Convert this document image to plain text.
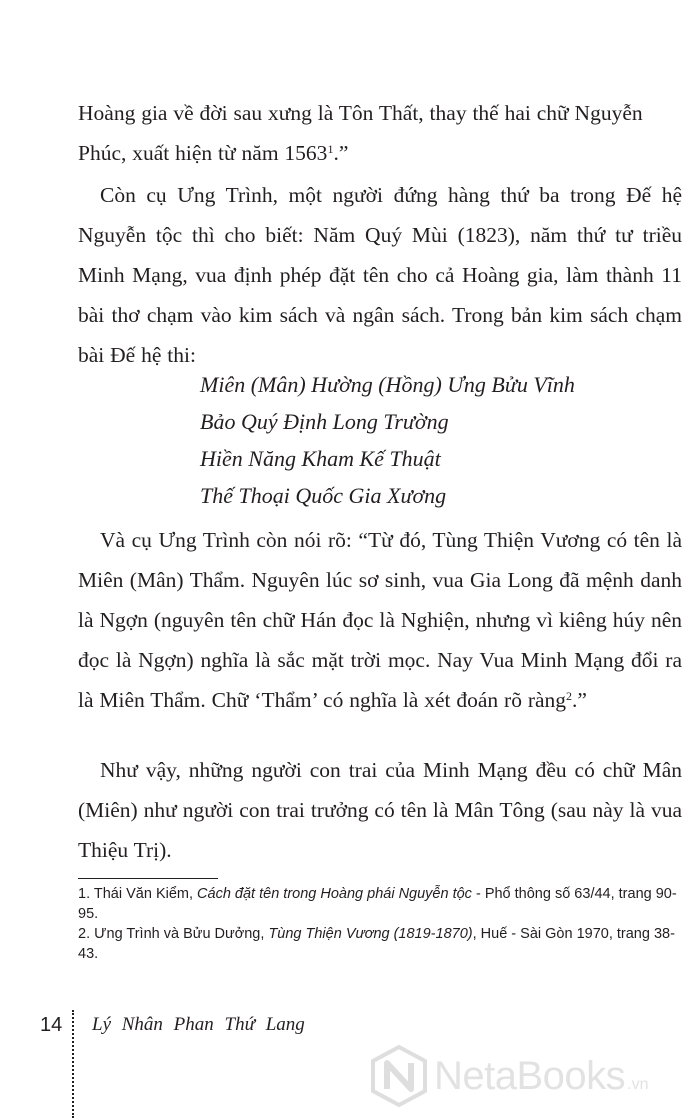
Hoàng gia về đời sau xưng là Tôn Thất, thay thế hai chữ Nguyễn Phúc, xuất hiện từ năm 1563$^1$.”

Còn cụ Ưng Trình, một người đứng hàng thứ ba trong Đế hệ Nguyễn tộc thì cho biết: Năm Quý Mùi (1823), năm thứ tư triều Minh Mạng, vua định phép đặt tên cho cả Hoàng gia, làm thành 11 bài thơ chạm vào kim sách và ngân sách. Trong bản kim sách chạm bài Đế hệ thi:

Miên (Mân) Hường (Hồng) Ưng Bửu Vĩnh
Bảo Quý Định Long Trường
Hiền Năng Kham Kế Thuật
Thế Thoại Quốc Gia Xương

Và cụ Ưng Trình còn nói rõ: “Từ đó, Tùng Thiện Vương có tên là Miên (Mân) Thẩm. Nguyên lúc sơ sinh, vua Gia Long đã mệnh danh là Ngợn (nguyên tên chữ Hán đọc là Nghiện, nhưng vì kiêng húy nên đọc là Ngợn) nghĩa là sắc mặt trời mọc. Nay Vua Minh Mạng đổi ra là Miên Thẩm. Chữ ‘Thẩm’ có nghĩa là xét đoán rõ ràng$^2$.”

Như vậy, những người con trai của Minh Mạng đều có chữ Mân (Miên) như người con trai trưởng có tên là Mân Tông (sau này là vua Thiệu Trị).

1. Thái Văn Kiểm, Cách đặt tên trong Hoàng phái Nguyễn tộc - Phổ thông số 63/44, trang 90-95.

2. Ưng Trình và Bửu Dưởng, Tùng Thiện Vương (1819-1870), Huế - Sài Gòn 1970, trang 38-43.

14 Lý Nhân Phan Thứ Lang
NetaBooks .vn
